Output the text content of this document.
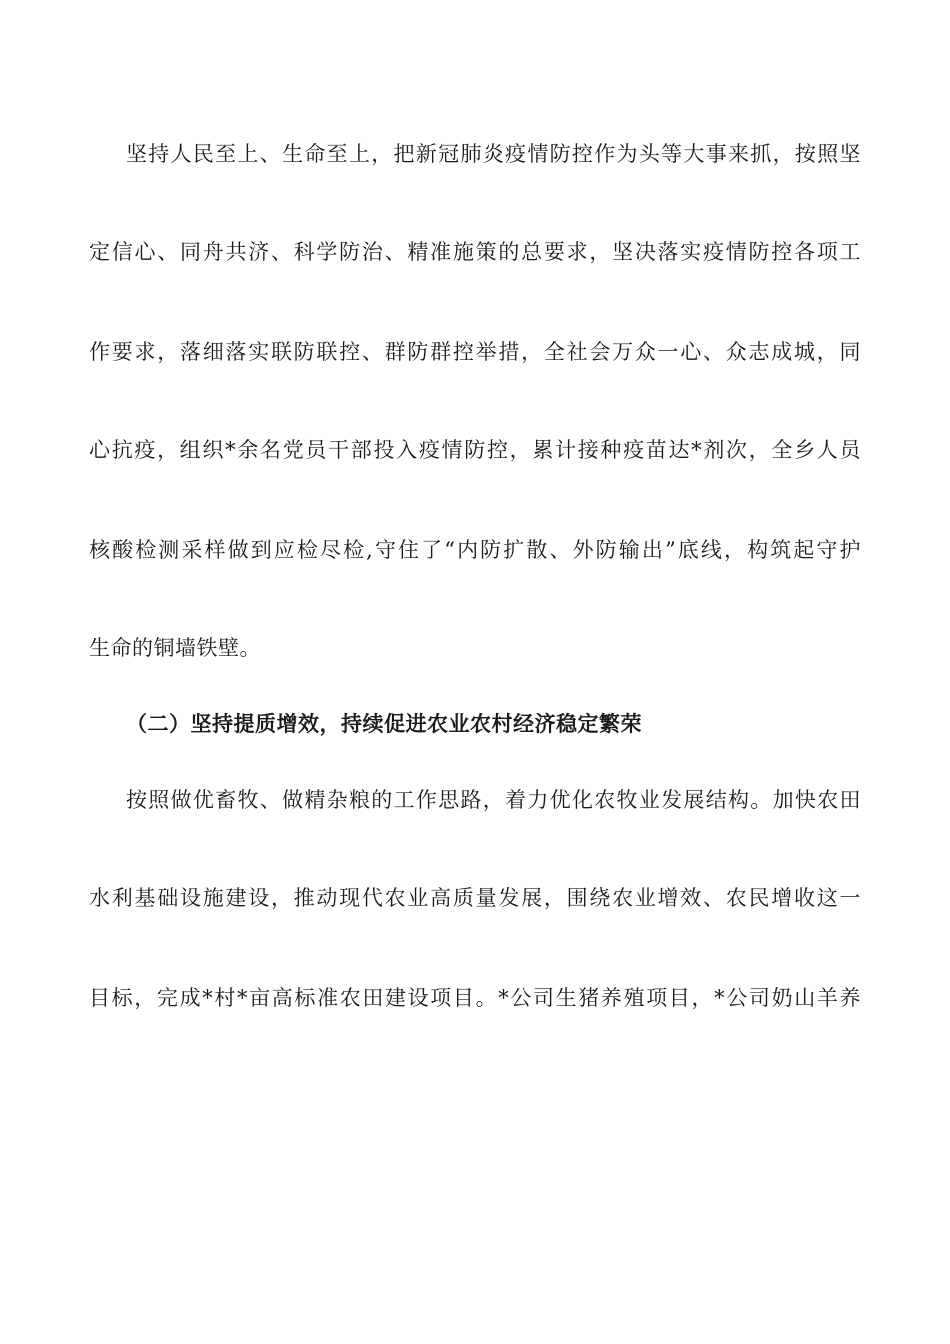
坚持人民至上、生命至上，把新冠肺炎疫情防控作为头等大事来抓，按照坚
定信心、同舟共济、科学防治、精准施策的总要求，坚决落实疫情防控各项工
作要求，落细落实联防联控、群防群控举措，全社会万众一心、众志成城，同
心抗疫，组织*余名党员干部投入疫情防控，累计接种疫苗达*剂次，全乡人员
核酸检测采样做到应检尽检,守住了“内防扩散、外防输出”底线，构筑起守护
生命的铜墙铁壁。
（二）坚持提质增效，持续促进农业农村经济稳定繁荣
按照做优畜牧、做精杂粮的工作思路，着力优化农牧业发展结构。加快农田
水利基础设施建设，推动现代农业高质量发展，围绕农业增效、农民增收这一
目标，完成*村*亩高标准农田建设项目。*公司生猪养殖项目，*公司奶山羊养
